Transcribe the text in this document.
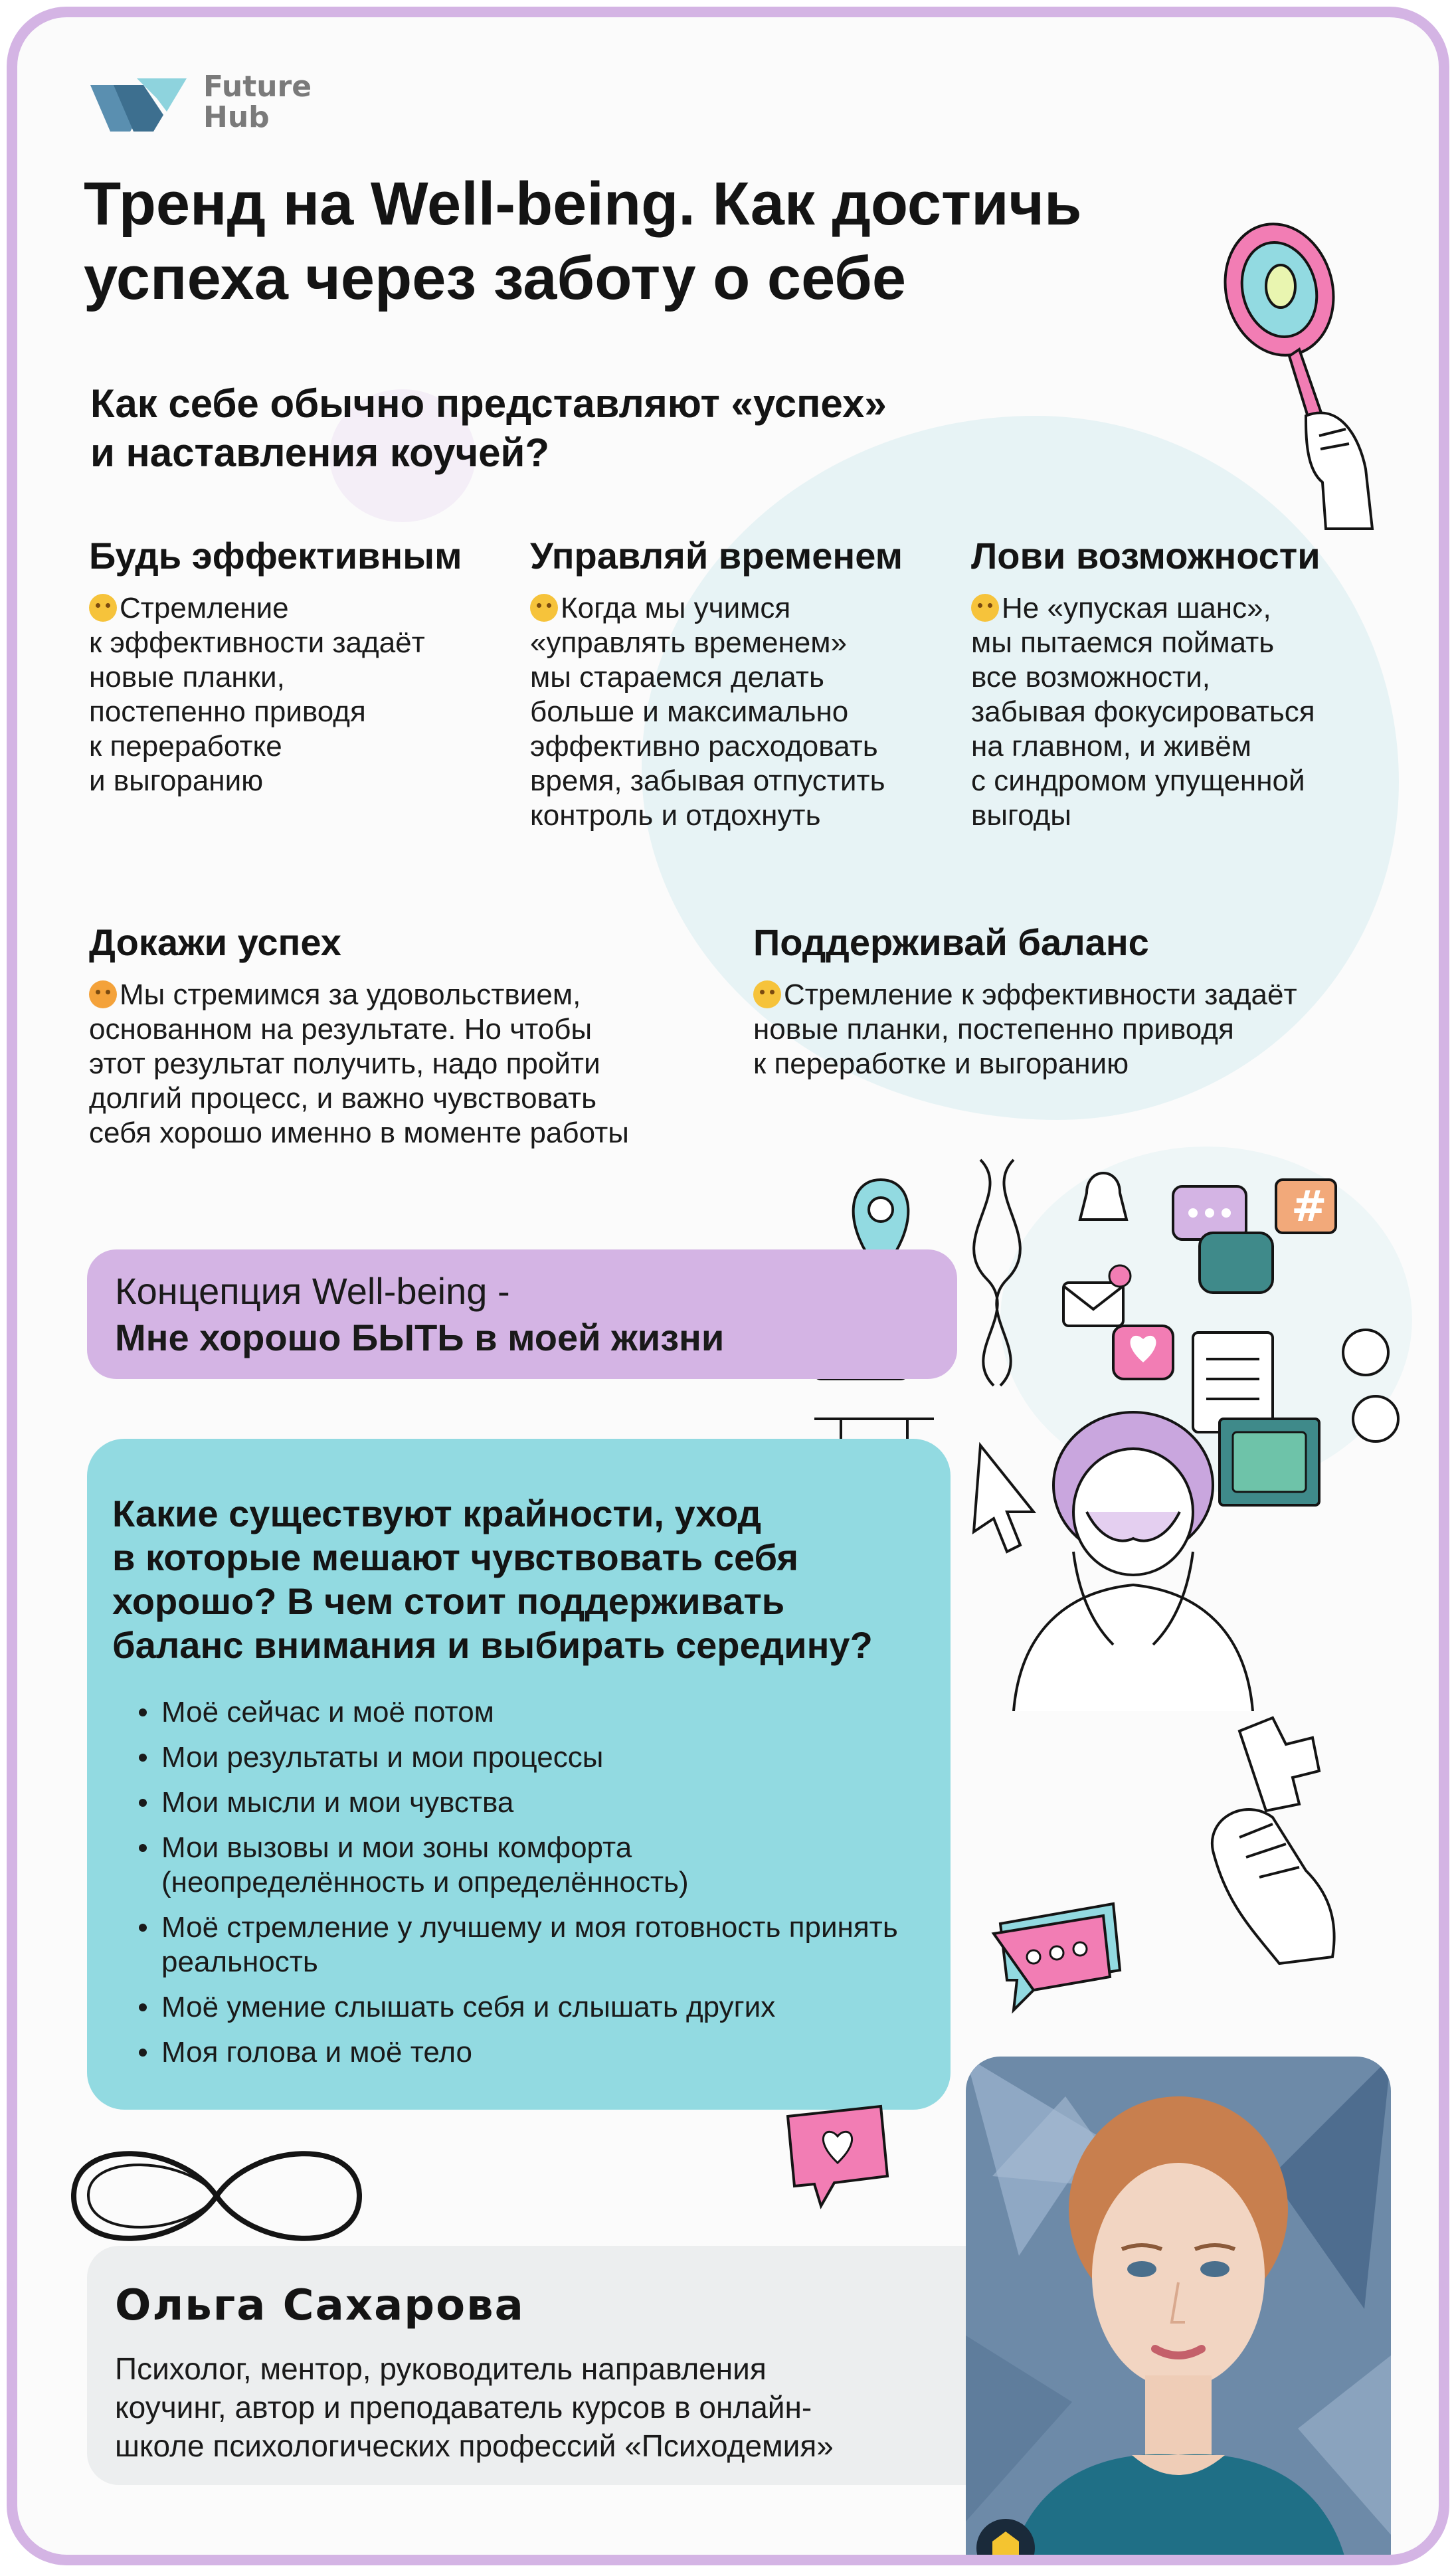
Future
Hub
Тренд на Well-being. Как достичь
успеха через заботу о себе
Как себе обычно представляют «успех»
и наставления коучей?
Будь эффективным
Стремление
к эффективности задаёт
новые планки,
постепенно приводя
к переработке
и выгоранию
Управляй временем
Когда мы учимся
«управлять временем»
мы стараемся делать
больше и максимально
эффективно расходовать
время, забывая отпустить
контроль и отдохнуть
Лови возможности
Не «упуская шанс»,
мы пытаемся поймать
все возможности,
забывая фокусироваться
на главном, и живём
с синдромом упущенной
выгоды
Докажи успех
Мы стремимся за удовольствием,
основанном на результате. Но чтобы
этот результат получить, надо пройти
долгий процесс, и важно чувствовать
себя хорошо именно в моменте работы
Поддерживай баланс
Стремление к эффективности задаёт
новые планки, постепенно приводя
к переработке и выгоранию
#
Концепция Well-being -
Мне хорошо БЫТЬ в моей жизни
Какие существуют крайности, уход
в которые мешают чувствовать себя
хорошо? В чем стоит поддерживать
баланс внимания и выбирать середину?
Моё сейчас и моё потом
Мои результаты и мои процессы
Мои мысли и мои чувства
Мои вызовы и мои зоны комфорта (неопределённость и определённость)
Моё стремление у лучшему и моя готовность принять реальность
Моё умение слышать себя и слышать других
Моя голова и моё тело
Ольга Сахарова
Психолог, ментор, руководитель направления
коучинг, автор и преподаватель курсов в онлайн-
школе психологических профессий «Психодемия»
